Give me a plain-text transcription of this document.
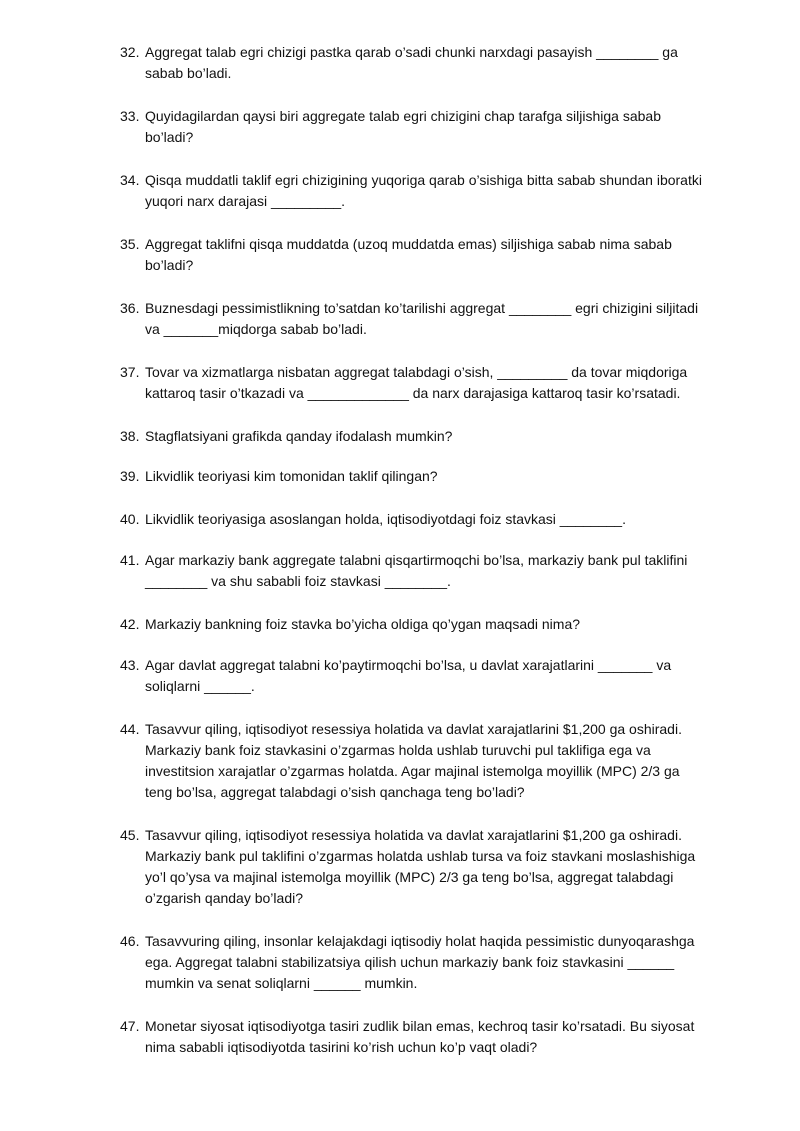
32. Aggregat talab egri chizigi pastka qarab o’sadi chunki narxdagi pasayish ________ ga sabab bo’ladi.
33. Quyidagilardan qaysi biri aggregate talab egri chizigini chap tarafga siljishiga sabab bo’ladi?
34. Qisqa muddatli taklif egri chizigining yuqoriga qarab o’sishiga bitta sabab shundan iboratki yuqori narx darajasi _________.
35. Aggregat taklifni qisqa muddatda (uzoq muddatda emas) siljishiga sabab nima sabab bo’ladi?
36. Buznesdagi pessimistlikning to’satdan ko’tarilishi aggregat ________ egri chizigini siljitadi va _______miqdorga sabab bo’ladi.
37. Tovar va xizmatlarga nisbatan aggregat talabdagi o’sish, _________ da tovar miqdoriga kattaroq tasir o’tkazadi va _____________ da narx darajasiga kattaroq tasir ko’rsatadi.
38. Stagflatsiyani grafikda qanday ifodalash mumkin?
39. Likvidlik teoriyasi kim tomonidan taklif qilingan?
40. Likvidlik teoriyasiga asoslangan holda, iqtisodiyotdagi foiz stavkasi ________.
41. Agar markaziy bank aggregate talabni qisqartirmoqchi bo’lsa, markaziy bank pul taklifini ________ va shu sababli foiz stavkasi ________.
42. Markaziy bankning foiz stavka bo’yicha oldiga qo’ygan maqsadi nima?
43. Agar davlat aggregat talabni ko’paytirmoqchi bo’lsa, u davlat xarajatlarini _______ va soliqlarni ______.
44. Tasavvur qiling, iqtisodiyot resessiya holatida va davlat xarajatlarini $1,200 ga oshiradi. Markaziy bank foiz stavkasini o’zgarmas holda ushlab turuvchi pul taklifiga ega va investitsion xarajatlar o’zgarmas holatda. Agar majinal istemolga moyillik (MPC) 2/3 ga teng bo’lsa, aggregat talabdagi o’sish qanchaga teng bo’ladi?
45. Tasavvur qiling, iqtisodiyot resessiya holatida va davlat xarajatlarini $1,200 ga oshiradi. Markaziy bank pul taklifini o’zgarmas holatda ushlab tursa va foiz stavkani moslashishiga yo’l qo’ysa va majinal istemolga moyillik (MPC) 2/3 ga teng bo’lsa, aggregat talabdagi o’zgarish qanday bo’ladi?
46. Tasavvuring qiling, insonlar kelajakdagi iqtisodiy holat haqida pessimistic dunyoqarashga ega. Aggregat talabni stabilizatsiya qilish uchun markaziy bank foiz stavkasini ______ mumkin va senat soliqlarni ______ mumkin.
47. Monetar siyosat iqtisodiyotga tasiri zudlik bilan emas, kechroq tasir ko’rsatadi. Bu siyosat nima sababli iqtisodiyotda tasirini ko’rish uchun ko’p vaqt oladi?
